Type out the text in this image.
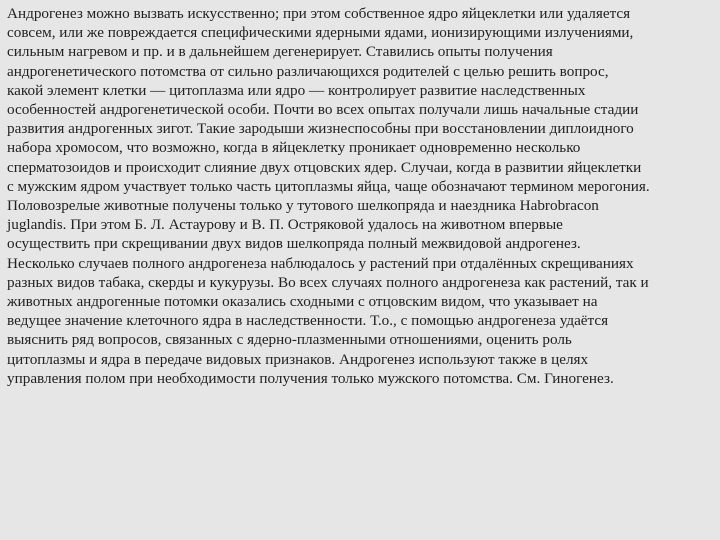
Андрогенез можно вызвать искусственно; при этом собственное ядро яйцеклетки или удаляется
совсем, или же повреждается специфическими ядерными ядами, ионизирующими излучениями,
сильным нагревом и пр. и в дальнейшем дегенерирует. Ставились опыты получения
андрогенетического потомства от сильно различающихся родителей с целью решить вопрос,
какой элемент клетки — цитоплазма или ядро — контролирует развитие наследственных
особенностей андрогенетической особи. Почти во всех опытах получали лишь начальные стадии
развития андрогенных зигот. Такие зародыши жизнеспособны при восстановлении диплоидного
набора хромосом, что возможно, когда в яйцеклетку проникает одновременно несколько
сперматозоидов и происходит слияние двух отцовских ядер. Случаи, когда в развитии яйцеклетки
с мужским ядром участвует только часть цитоплазмы яйца, чаще обозначают термином мерогония.
Половозрелые животные получены только у тутового шелкопряда и наездника Habrobracon
juglandis. При этом Б. Л. Астаурову и В. П. Остряковой удалось на животном впервые
осуществить при скрещивании двух видов шелкопряда полный межвидовой андрогенез.
Несколько случаев полного андрогенеза наблюдалось у растений при отдалённых скрещиваниях
разных видов табака, скерды и кукурузы. Во всех случаях полного андрогенеза как растений, так и
животных андрогенные потомки оказались сходными с отцовским видом, что указывает на
ведущее значение клеточного ядра в наследственности. Т.о., с помощью андрогенеза удаётся
выяснить ряд вопросов, связанных с ядерно-плазменными отношениями, оценить роль
цитоплазмы и ядра в передаче видовых признаков. Андрогенез используют также в целях
управления полом при необходимости получения только мужского потомства. См. Гиногенез.
